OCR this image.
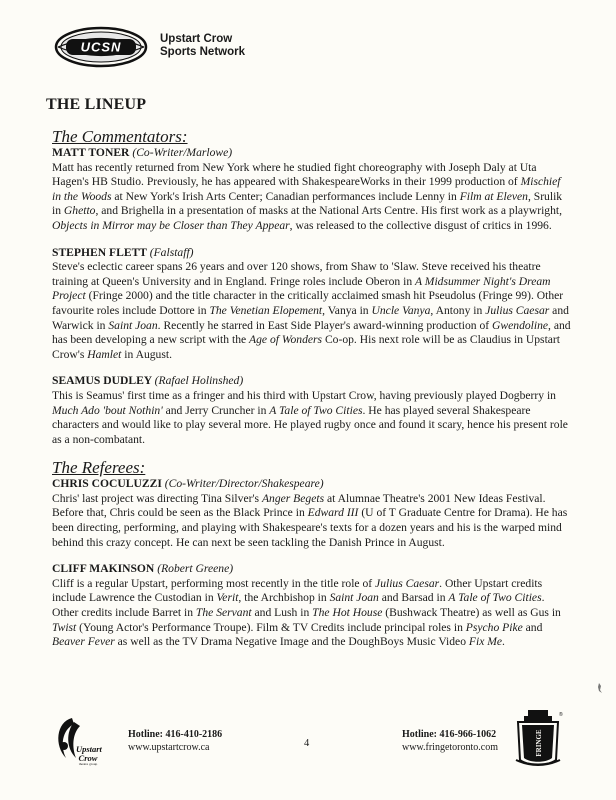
UCSN
Upstart Crow
Sports Network
THE LINEUP
The Commentators:
MATT TONER (Co-Writer/Marlowe)
Matt has recently returned from New York where he studied fight choreography with Joseph Daly at Uta Hagen's HB Studio. Previously, he has appeared with ShakespeareWorks in their 1999 production of Mischief in the Woods at New York's Irish Arts Center; Canadian performances include Lenny in Film at Eleven, Srulik in Ghetto, and Brighella in a presentation of masks at the National Arts Centre. His first work as a playwright, Objects in Mirror may be Closer than They Appear, was released to the collective disgust of critics in 1996.
STEPHEN FLETT (Falstaff)
Steve's eclectic career spans 26 years and over 120 shows, from Shaw to 'Slaw. Steve received his theatre training at Queen's University and in England. Fringe roles include Oberon in A Midsummer Night's Dream Project (Fringe 2000) and the title character in the critically acclaimed smash hit Pseudolus (Fringe 99). Other favourite roles include Dottore in The Venetian Elopement, Vanya in Uncle Vanya, Antony in Julius Caesar and Warwick in Saint Joan. Recently he starred in East Side Player's award-winning production of Gwendoline, and has been developing a new script with the Age of Wonders Co-op. His next role will be as Claudius in Upstart Crow's Hamlet in August.
SEAMUS DUDLEY (Rafael Holinshed)
This is Seamus' first time as a fringer and his third with Upstart Crow, having previously played Dogberry in Much Ado 'bout Nothin' and Jerry Cruncher in A Tale of Two Cities. He has played several Shakespeare characters and would like to play several more. He played rugby once and found it scary, hence his present role as a non-combatant.
The Referees:
CHRIS COCULUZZI (Co-Writer/Director/Shakespeare)
Chris' last project was directing Tina Silver's Anger Begets at Alumnae Theatre's 2001 New Ideas Festival. Before that, Chris could be seen as the Black Prince in Edward III (U of T Graduate Centre for Drama). He has been directing, performing, and playing with Shakespeare's texts for a dozen years and his is the warped mind behind this crazy concept. He can next be seen tackling the Danish Prince in August.
CLIFF MAKINSON (Robert Greene)
Cliff is a regular Upstart, performing most recently in the title role of Julius Caesar. Other Upstart credits include Lawrence the Custodian in Verit, the Archbishop in Saint Joan and Barsad in A Tale of Two Cities. Other credits include Barret in The Servant and Lush in The Hot House (Bushwack Theatre) as well as Gus in Twist (Young Actor's Performance Troupe). Film & TV Credits include principal roles in Psycho Pike and Beaver Fever as well as the TV Drama Negative Image and the DoughBoys Music Video Fix Me.
Upstart Crow
theatre group
Hotline: 416-410-2186
www.upstartcrow.ca	4
Hotline: 416-966-1062
www.fringetoronto.com	FRINGE
®
